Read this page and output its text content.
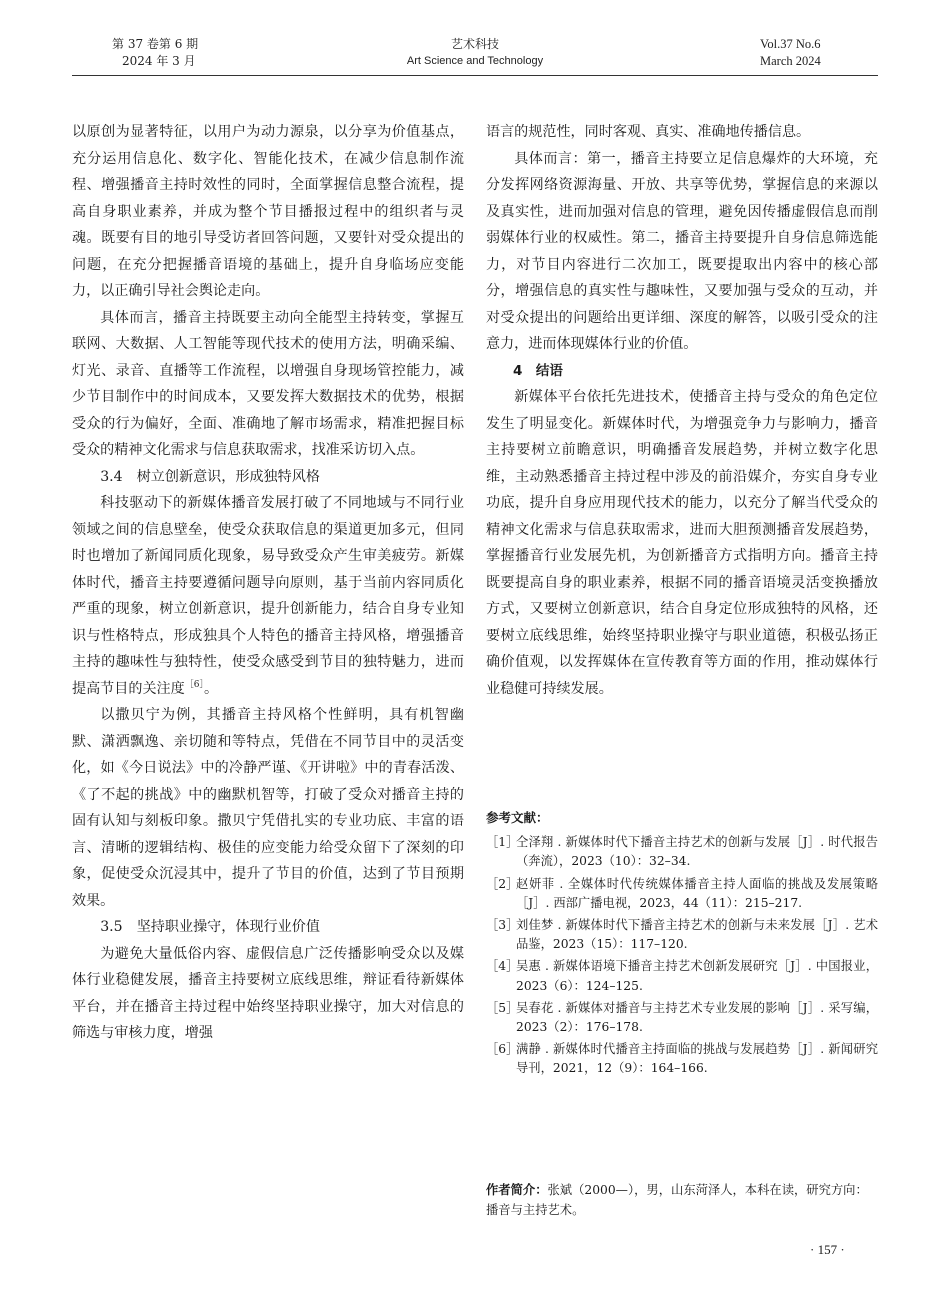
第 37 卷第 6 期
2024 年 3 月
艺术科技
Art Science and Technology
Vol.37 No.6
March 2024

以原创为显著特征，以用户为动力源泉，以分享为价值基点，充分运用信息化、数字化、智能化技术，在减少信息制作流程、增强播音主持时效性的同时，全面掌握信息整合流程，提高自身职业素养，并成为整个节目播报过程中的组织者与灵魂。既要有目的地引导受访者回答问题，又要针对受众提出的问题，在充分把握播音语境的基础上，提升自身临场应变能力，以正确引导社会舆论走向。

具体而言，播音主持既要主动向全能型主持转变，掌握互联网、大数据、人工智能等现代技术的使用方法，明确采编、灯光、录音、直播等工作流程，以增强自身现场管控能力，减少节目制作中的时间成本，又要发挥大数据技术的优势，根据受众的行为偏好，全面、准确地了解市场需求，精准把握目标受众的精神文化需求与信息获取需求，找准采访切入点。

3.4　树立创新意识，形成独特风格

科技驱动下的新媒体播音发展打破了不同地域与不同行业领域之间的信息壁垒，使受众获取信息的渠道更加多元，但同时也增加了新闻同质化现象，易导致受众产生审美疲劳。新媒体时代，播音主持要遵循问题导向原则，基于当前内容同质化严重的现象，树立创新意识，提升创新能力，结合自身专业知识与性格特点，形成独具个人特色的播音主持风格，增强播音主持的趣味性与独特性，使受众感受到节目的独特魅力，进而提高节目的关注度$^{[6]}$。

以撒贝宁为例，其播音主持风格个性鲜明，具有机智幽默、潇洒飘逸、亲切随和等特点，凭借在不同节目中的灵活变化，如《今日说法》中的冷静严谨、《开讲啦》中的青春活泼、《了不起的挑战》中的幽默机智等，打破了受众对播音主持的固有认知与刻板印象。撒贝宁凭借扎实的专业功底、丰富的语言、清晰的逻辑结构、极佳的应变能力给受众留下了深刻的印象，促使受众沉浸其中，提升了节目的价值，达到了节目预期效果。

3.5　坚持职业操守，体现行业价值

为避免大量低俗内容、虚假信息广泛传播影响受众以及媒体行业稳健发展，播音主持要树立底线思维，辩证看待新媒体平台，并在播音主持过程中始终坚持职业操守，加大对信息的筛选与审核力度，增强

语言的规范性，同时客观、真实、准确地传播信息。

具体而言：第一，播音主持要立足信息爆炸的大环境，充分发挥网络资源海量、开放、共享等优势，掌握信息的来源以及真实性，进而加强对信息的管理，避免因传播虚假信息而削弱媒体行业的权威性。第二，播音主持要提升自身信息筛选能力，对节目内容进行二次加工，既要提取出内容中的核心部分，增强信息的真实性与趣味性，又要加强与受众的互动，并对受众提出的问题给出更详细、深度的解答，以吸引受众的注意力，进而体现媒体行业的价值。

4　结语

新媒体平台依托先进技术，使播音主持与受众的角色定位发生了明显变化。新媒体时代，为增强竞争力与影响力，播音主持要树立前瞻意识，明确播音发展趋势，并树立数字化思维，主动熟悉播音主持过程中涉及的前沿媒介，夯实自身专业功底，提升自身应用现代技术的能力，以充分了解当代受众的精神文化需求与信息获取需求，进而大胆预测播音发展趋势，掌握播音行业发展先机，为创新播音方式指明方向。播音主持既要提高自身的职业素养，根据不同的播音语境灵活变换播放方式，又要树立创新意识，结合自身定位形成独特的风格，还要树立底线思维，始终坚持职业操守与职业道德，积极弘扬正确价值观，以发挥媒体在宣传教育等方面的作用，推动媒体行业稳健可持续发展。

参考文献：
［1］
仝泽翔 . 新媒体时代下播音主持艺术的创新与发展［J］. 时代报告（奔流），2023（10）：32–34.
［2］
赵妍菲 . 全媒体时代传统媒体播音主持人面临的挑战及发展策略［J］. 西部广播电视，2023，44（11）：215–217.
［3］
刘佳梦 . 新媒体时代下播音主持艺术的创新与未来发展［J］. 艺术品鉴，2023（15）：117–120.
［4］
吴惠 . 新媒体语境下播音主持艺术创新发展研究［J］. 中国报业，2023（6）：124–125.
［5］
吴春花 . 新媒体对播音与主持艺术专业发展的影响［J］. 采写编，2023（2）：176–178.
［6］
满静 . 新媒体时代播音主持面临的挑战与发展趋势［J］. 新闻研究导刊，2021，12（9）：164–166.
作者简介：张斌（2000—），男，山东菏泽人，本科在读，研究方向：播音与主持艺术。
· 157 ·
